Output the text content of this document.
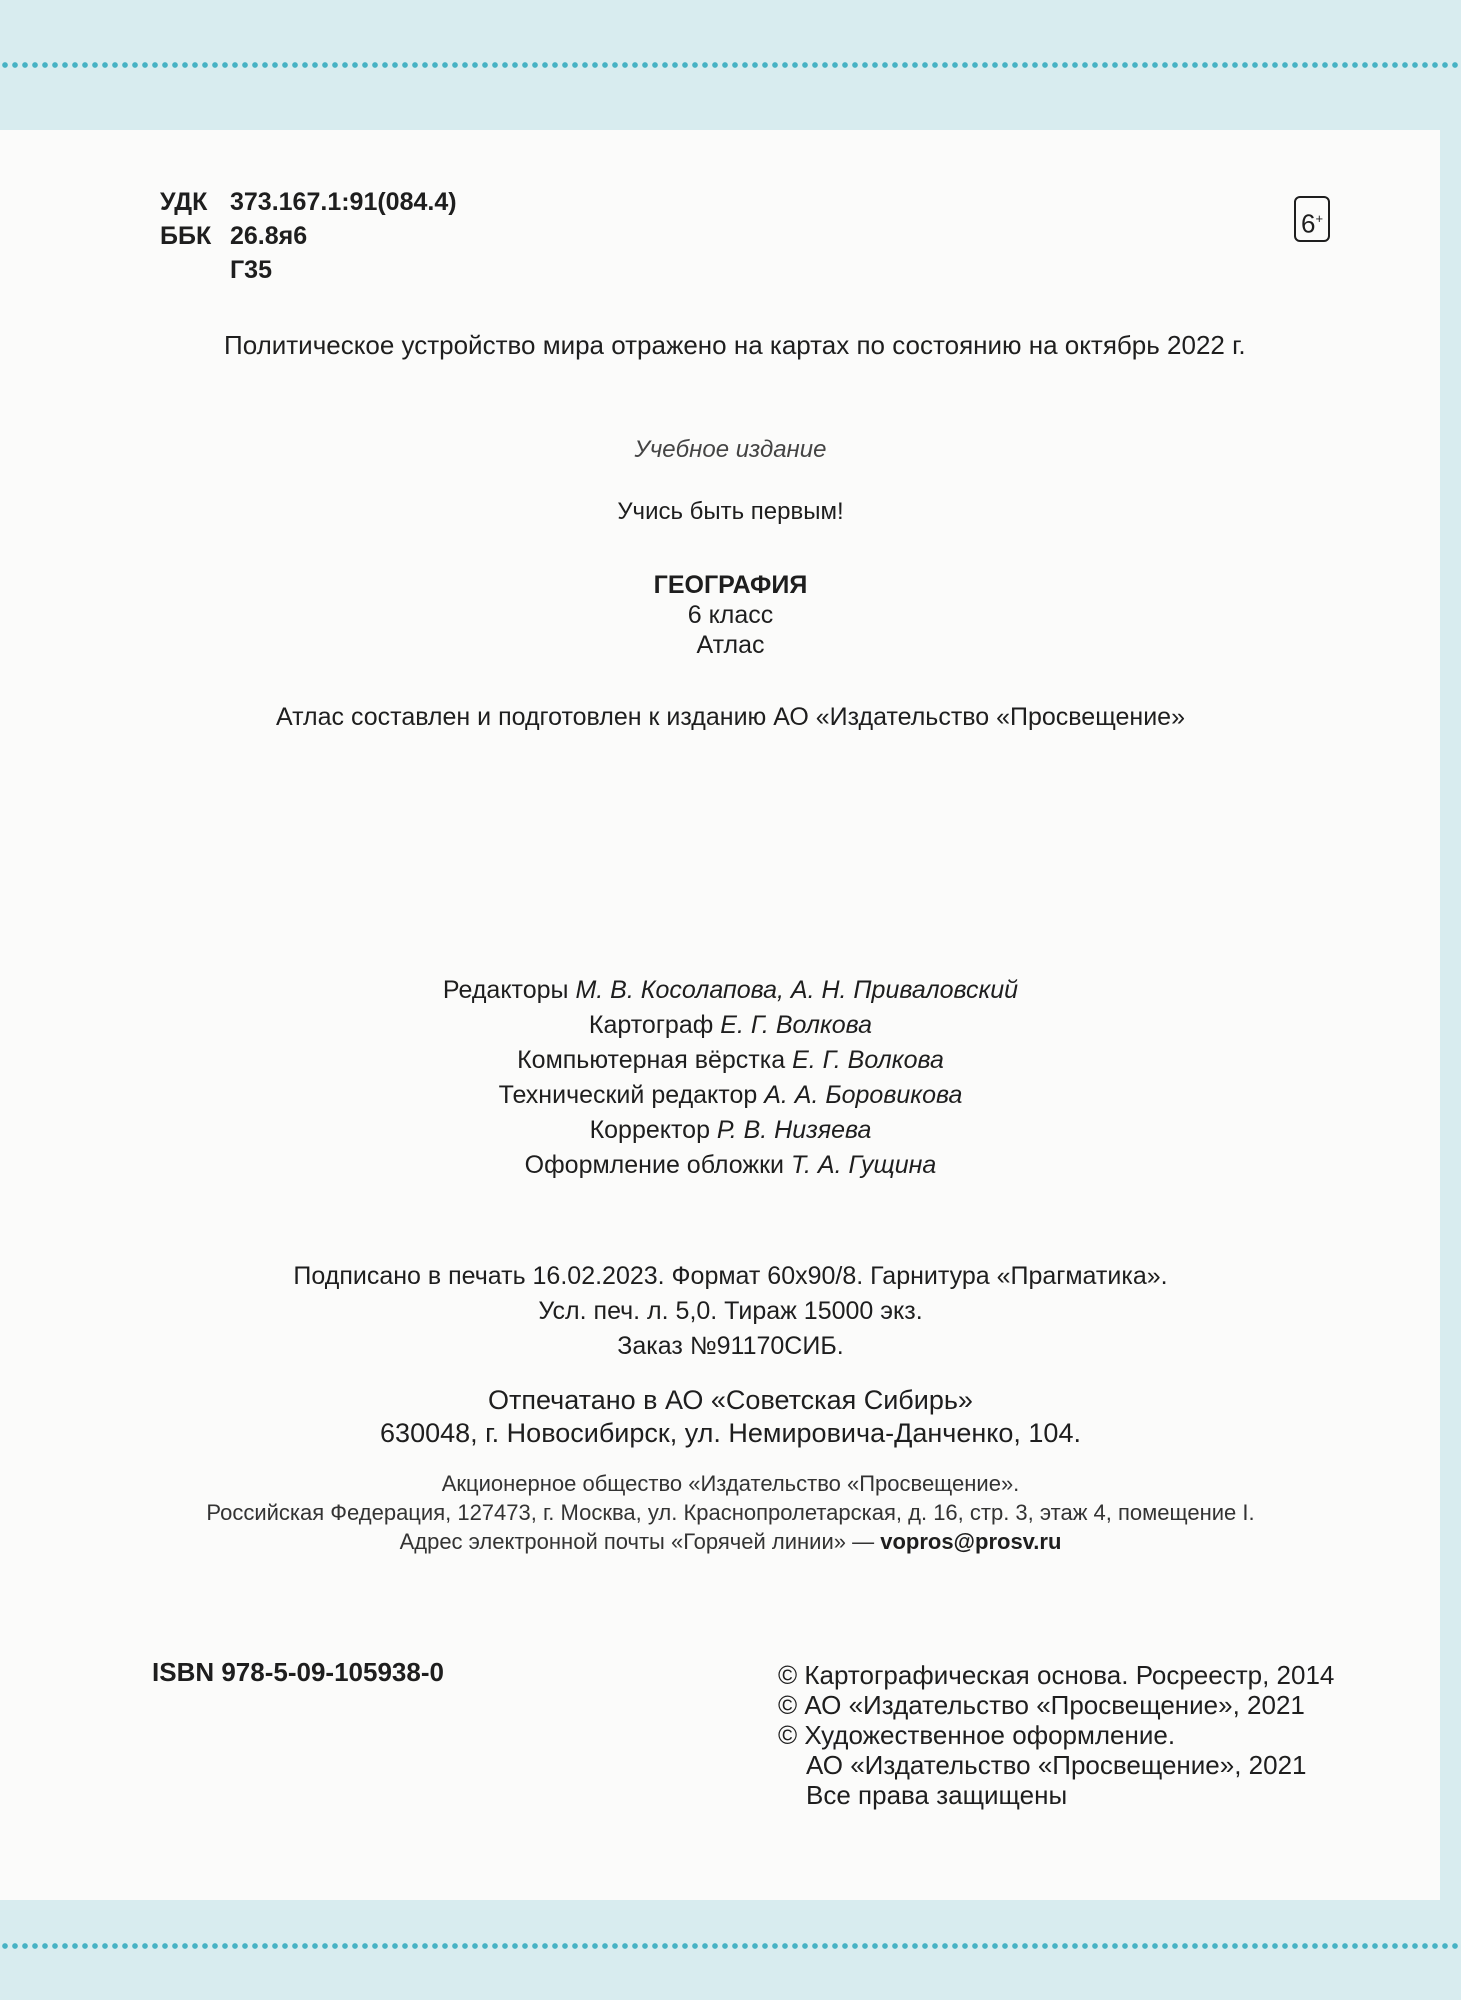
УДК 373.167.1:91(084.4)
ББК 26.8я6
Г35
6+
Политическое устройство мира отражено на картах по состоянию на октябрь 2022 г.
Учебное издание
Учись быть первым!
ГЕОГРАФИЯ
6 класс
Атлас
Атлас составлен и подготовлен к изданию АО «Издательство «Просвещение»
Редакторы М. В. Косолапова, А. Н. Приваловский
Картограф Е. Г. Волкова
Компьютерная вёрстка Е. Г. Волкова
Технический редактор А. А. Боровикова
Корректор Р. В. Низяева
Оформление обложки Т. А. Гущина
Подписано в печать 16.02.2023. Формат 60х90/8. Гарнитура «Прагматика».
Усл. печ. л. 5,0. Тираж 15000 экз.
Заказ №91170СИБ.
Отпечатано в АО «Советская Сибирь»
630048, г. Новосибирск, ул. Немировича-Данченко, 104.
Акционерное общество «Издательство «Просвещение».
Российская Федерация, 127473, г. Москва, ул. Краснопролетарская, д. 16, стр. 3, этаж 4, помещение I.
Адрес электронной почты «Горячей линии» — vopros@prosv.ru
ISBN 978-5-09-105938-0	© Картографическая основа. Росреестр, 2014
© АО «Издательство «Просвещение», 2021
© Художественное оформление.
АО «Издательство «Просвещение», 2021
Все права защищены
